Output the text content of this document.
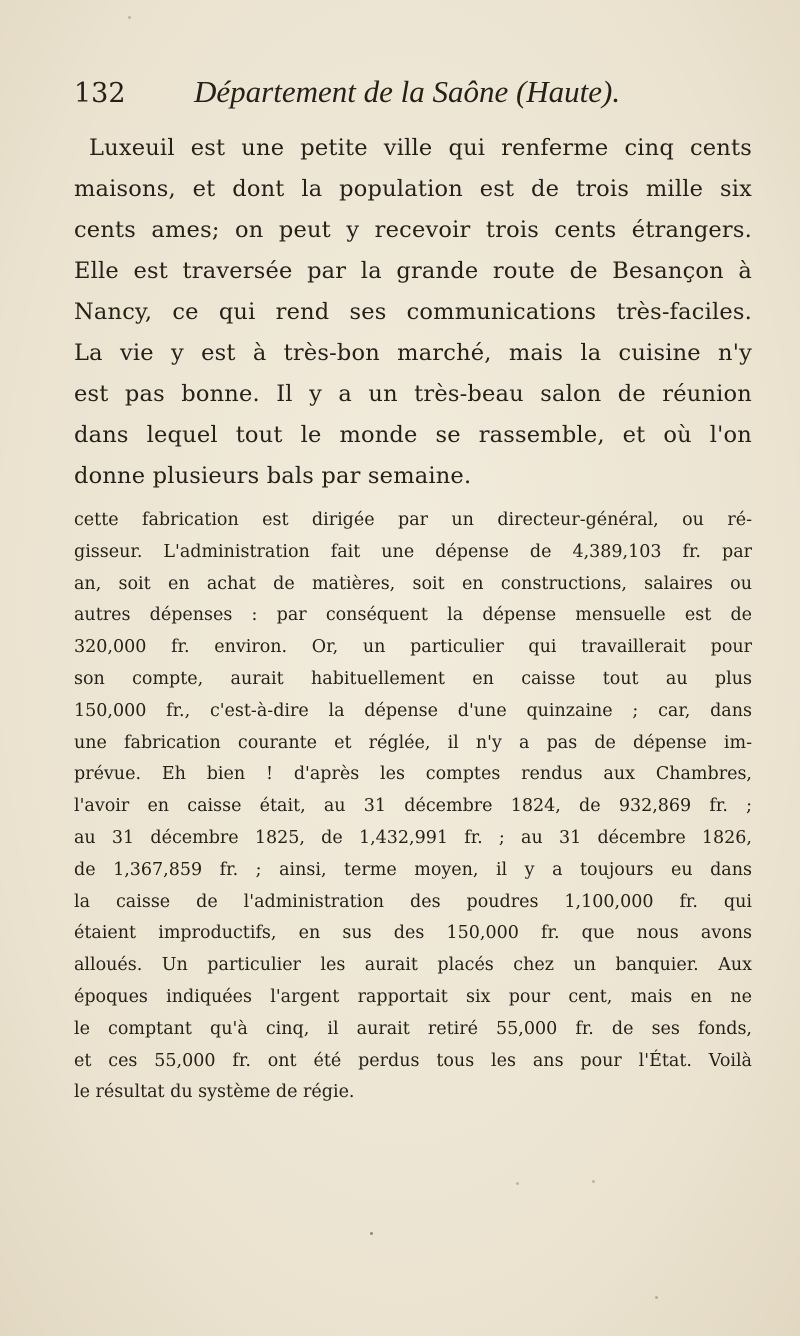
132 Département de la Saône (Haute).
Luxeuil est une petite ville qui renferme cinq cents
maisons, et dont la population est de trois mille six
cents ames; on peut y recevoir trois cents étrangers.
Elle est traversée par la grande route de Besançon à
Nancy, ce qui rend ses communications très-faciles.
La vie y est à très-bon marché, mais la cuisine n'y
est pas bonne. Il y a un très-beau salon de réunion
dans lequel tout le monde se rassemble, et où l'on
donne plusieurs bals par semaine.
cette fabrication est dirigée par un directeur-général, ou ré-
gisseur. L'administration fait une dépense de 4,389,103 fr. par
an, soit en achat de matières, soit en constructions, salaires ou
autres dépenses : par conséquent la dépense mensuelle est de
320,000 fr. environ. Or, un particulier qui travaillerait pour
son compte, aurait habituellement en caisse tout au plus
150,000 fr., c'est-à-dire la dépense d'une quinzaine ; car, dans
une fabrication courante et réglée, il n'y a pas de dépense im-
prévue. Eh bien ! d'après les comptes rendus aux Chambres,
l'avoir en caisse était, au 31 décembre 1824, de 932,869 fr. ;
au 31 décembre 1825, de 1,432,991 fr. ; au 31 décembre 1826,
de 1,367,859 fr. ; ainsi, terme moyen, il y a toujours eu dans
la caisse de l'administration des poudres 1,100,000 fr. qui
étaient improductifs, en sus des 150,000 fr. que nous avons
alloués. Un particulier les aurait placés chez un banquier. Aux
époques indiquées l'argent rapportait six pour cent, mais en ne
le comptant qu'à cinq, il aurait retiré 55,000 fr. de ses fonds,
et ces 55,000 fr. ont été perdus tous les ans pour l'État. Voilà
le résultat du système de régie.
